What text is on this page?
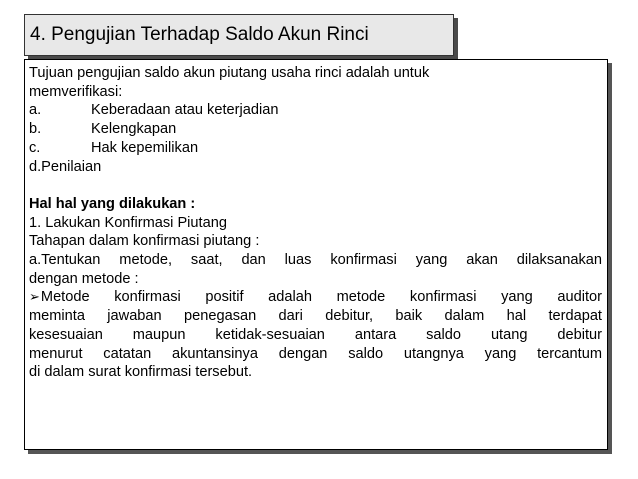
4. Pengujian Terhadap Saldo Akun Rinci
Tujuan pengujian saldo akun piutang usaha rinci adalah untuk
memverifikasi:
a.	Keberadaan atau keterjadian
b.	Kelengkapan
c.	Hak kepemilikan
d.Penilaian
Hal hal yang dilakukan :
1. Lakukan Konfirmasi Piutang
Tahapan dalam konfirmasi piutang :
a.Tentukan metode, saat, dan luas konfirmasi yang akan dilaksanakan
dengan metode :
➢Metode konfirmasi positif adalah metode konfirmasi yang auditor
meminta jawaban penegasan dari debitur, baik dalam hal terdapat
kesesuaian maupun ketidak-sesuaian antara saldo utang debitur
menurut catatan akuntansinya dengan saldo utangnya yang tercantum
di dalam surat konfirmasi tersebut.
